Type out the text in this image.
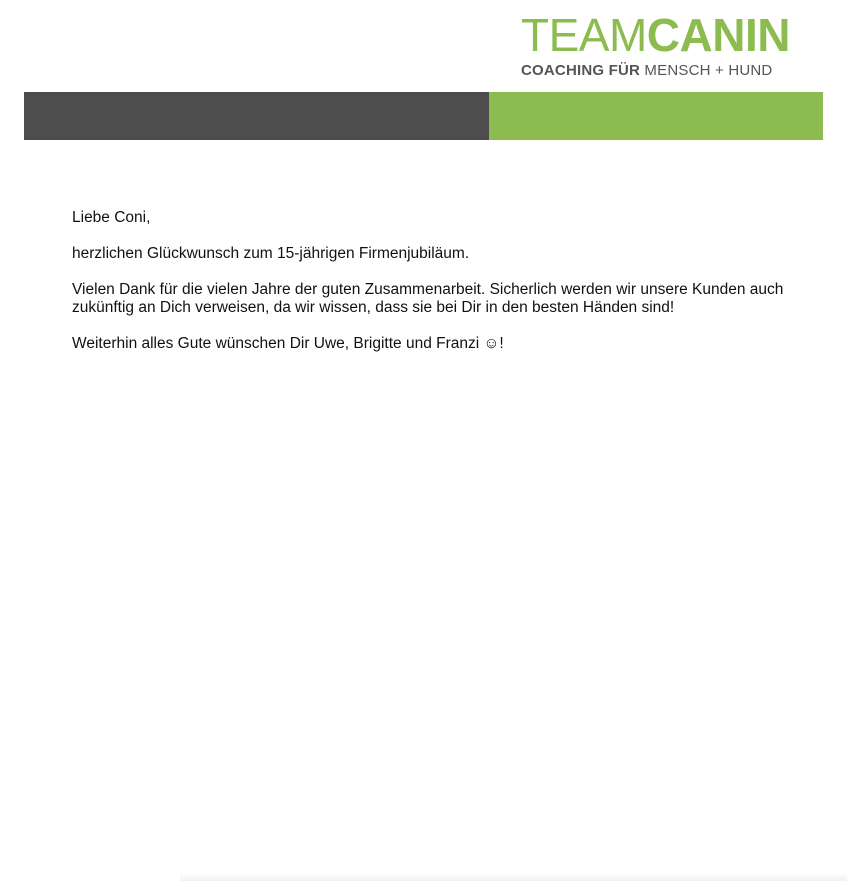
TEAMCANIN
COACHING FÜR MENSCH + HUND

Liebe Coni,

herzlichen Glückwunsch zum 15-jährigen Firmenjubiläum.

Vielen Dank für die vielen Jahre der guten Zusammenarbeit. Sicherlich werden wir unsere Kunden auch zukünftig an Dich verweisen, da wir wissen, dass sie bei Dir in den besten Händen sind!

Weiterhin alles Gute wünschen Dir Uwe, Brigitte und Franzi ☺!
